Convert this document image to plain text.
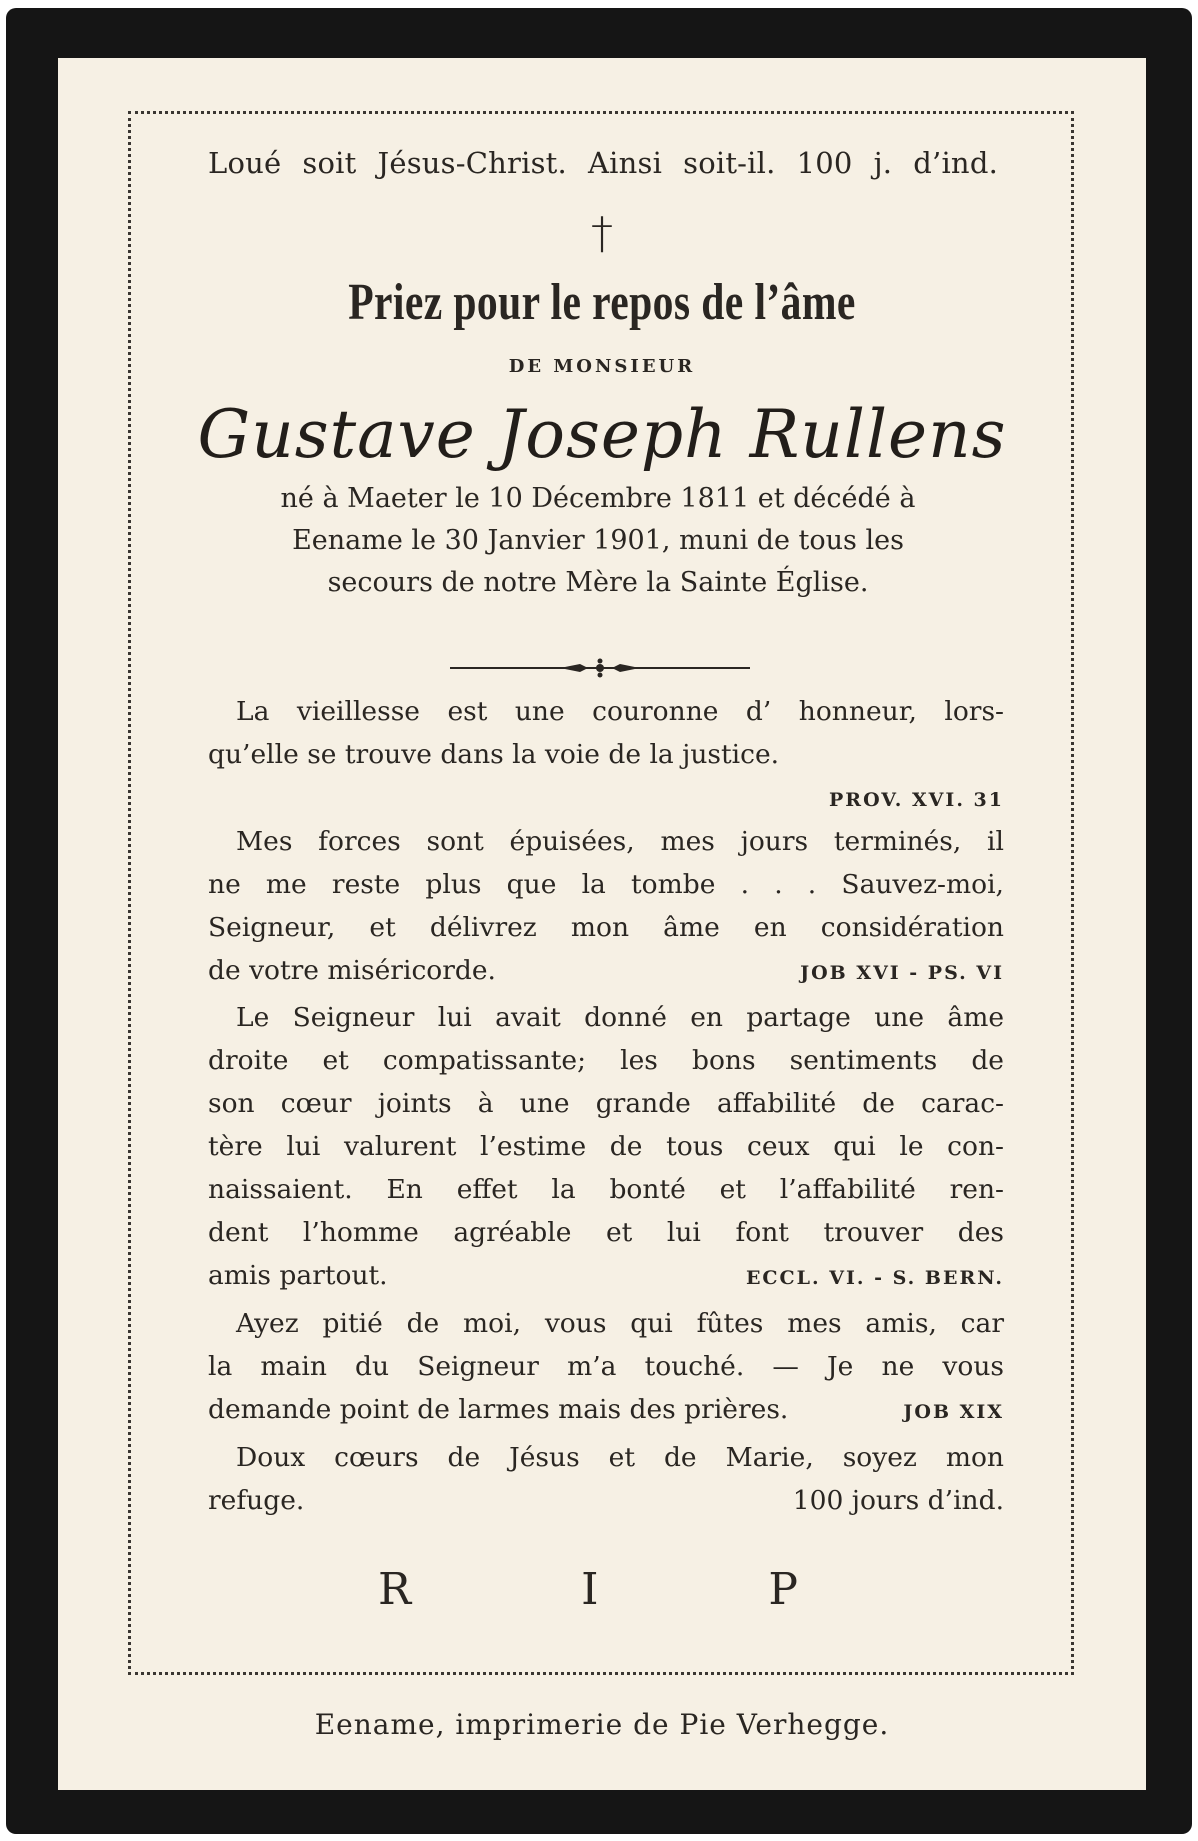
Loué soit Jésus-Christ. Ainsi soit-il. 100 j. d’ind.
†
Priez pour le repos de l’âme
DE MONSIEUR
Gustave Joseph Rullens
né à Maeter le 10 Décembre 1811 et décédé à
Eename le 30 Janvier 1901, muni de tous les
secours de notre Mère la Sainte Église.
La vieillesse est une couronne d’ honneur, lors-
qu’elle se trouve dans la voie de la justice.
PROV. XVI. 31
Mes forces sont épuisées, mes jours terminés, il
ne me reste plus que la tombe . . . Sauvez-moi,
Seigneur, et délivrez mon âme en considération
de votre miséricorde.	JOB XVI - PS. VI
Le Seigneur lui avait donné en partage une âme
droite et compatissante; les bons sentiments de
son cœur joints à une grande affabilité de carac-
tère lui valurent l’estime de tous ceux qui le con-
naissaient. En effet la bonté et l’affabilité ren-
dent l’homme agréable et lui font trouver des
amis partout.	ECCL. VI. - S. BERN.
Ayez pitié de moi, vous qui fûtes mes amis, car
la main du Seigneur m’a touché. — Je ne vous
demande point de larmes mais des prières.	JOB XIX
Doux cœurs de Jésus et de Marie, soyez mon
refuge.	100 jours d’ind.
R	I	P
Eename, imprimerie de Pie Verhegge.
